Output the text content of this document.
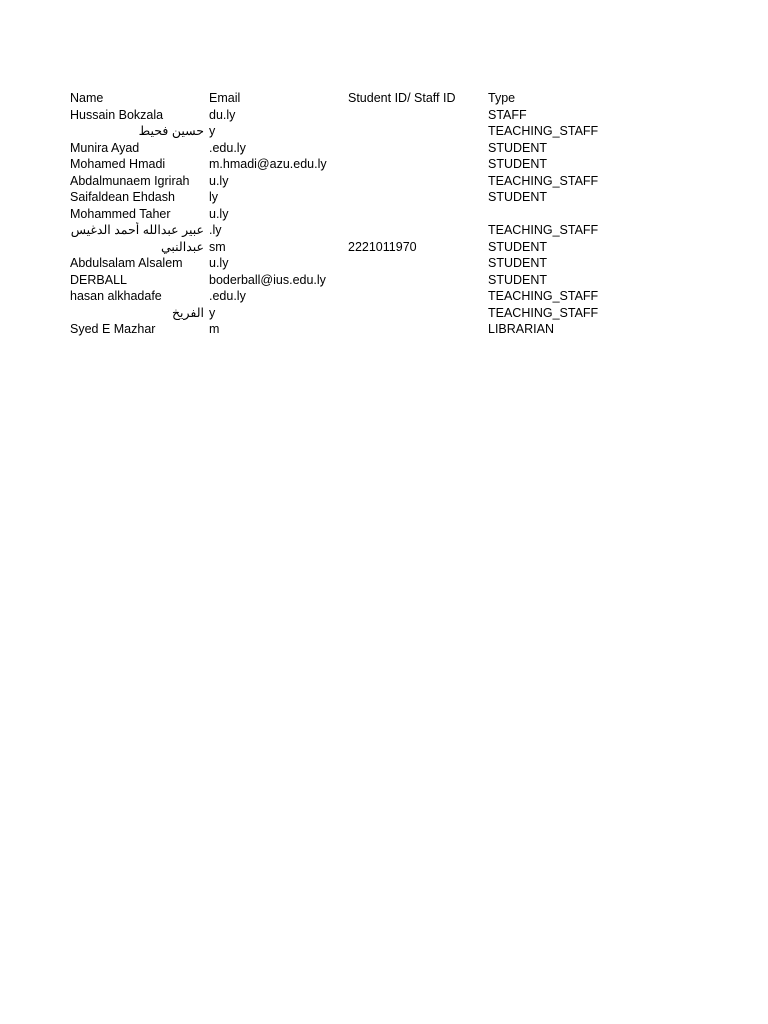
Name	Email	Student ID/ Staff ID	Type
Hussain Bokzala	du.ly		STAFF
حسين فحيط	y		TEACHING_STAFF
Munira Ayad	.edu.ly		STUDENT
Mohamed Hmadi	m.hmadi@azu.edu.ly		STUDENT
Abdalmunaem Igrirah	u.ly		TEACHING_STAFF
Saifaldean Ehdash	ly		STUDENT
Mohammed Taher	u.ly		
عبير عبدالله أحمد الدغيس	.ly		TEACHING_STAFF
عبدالنبي	sm	2221011970	STUDENT
Abdulsalam Alsalem	u.ly		STUDENT
DERBALL	boderball@ius.edu.ly		STUDENT
hasan alkhadafe	.edu.ly		TEACHING_STAFF
الفريخ	y		TEACHING_STAFF
Syed E Mazhar	m		LIBRARIAN
